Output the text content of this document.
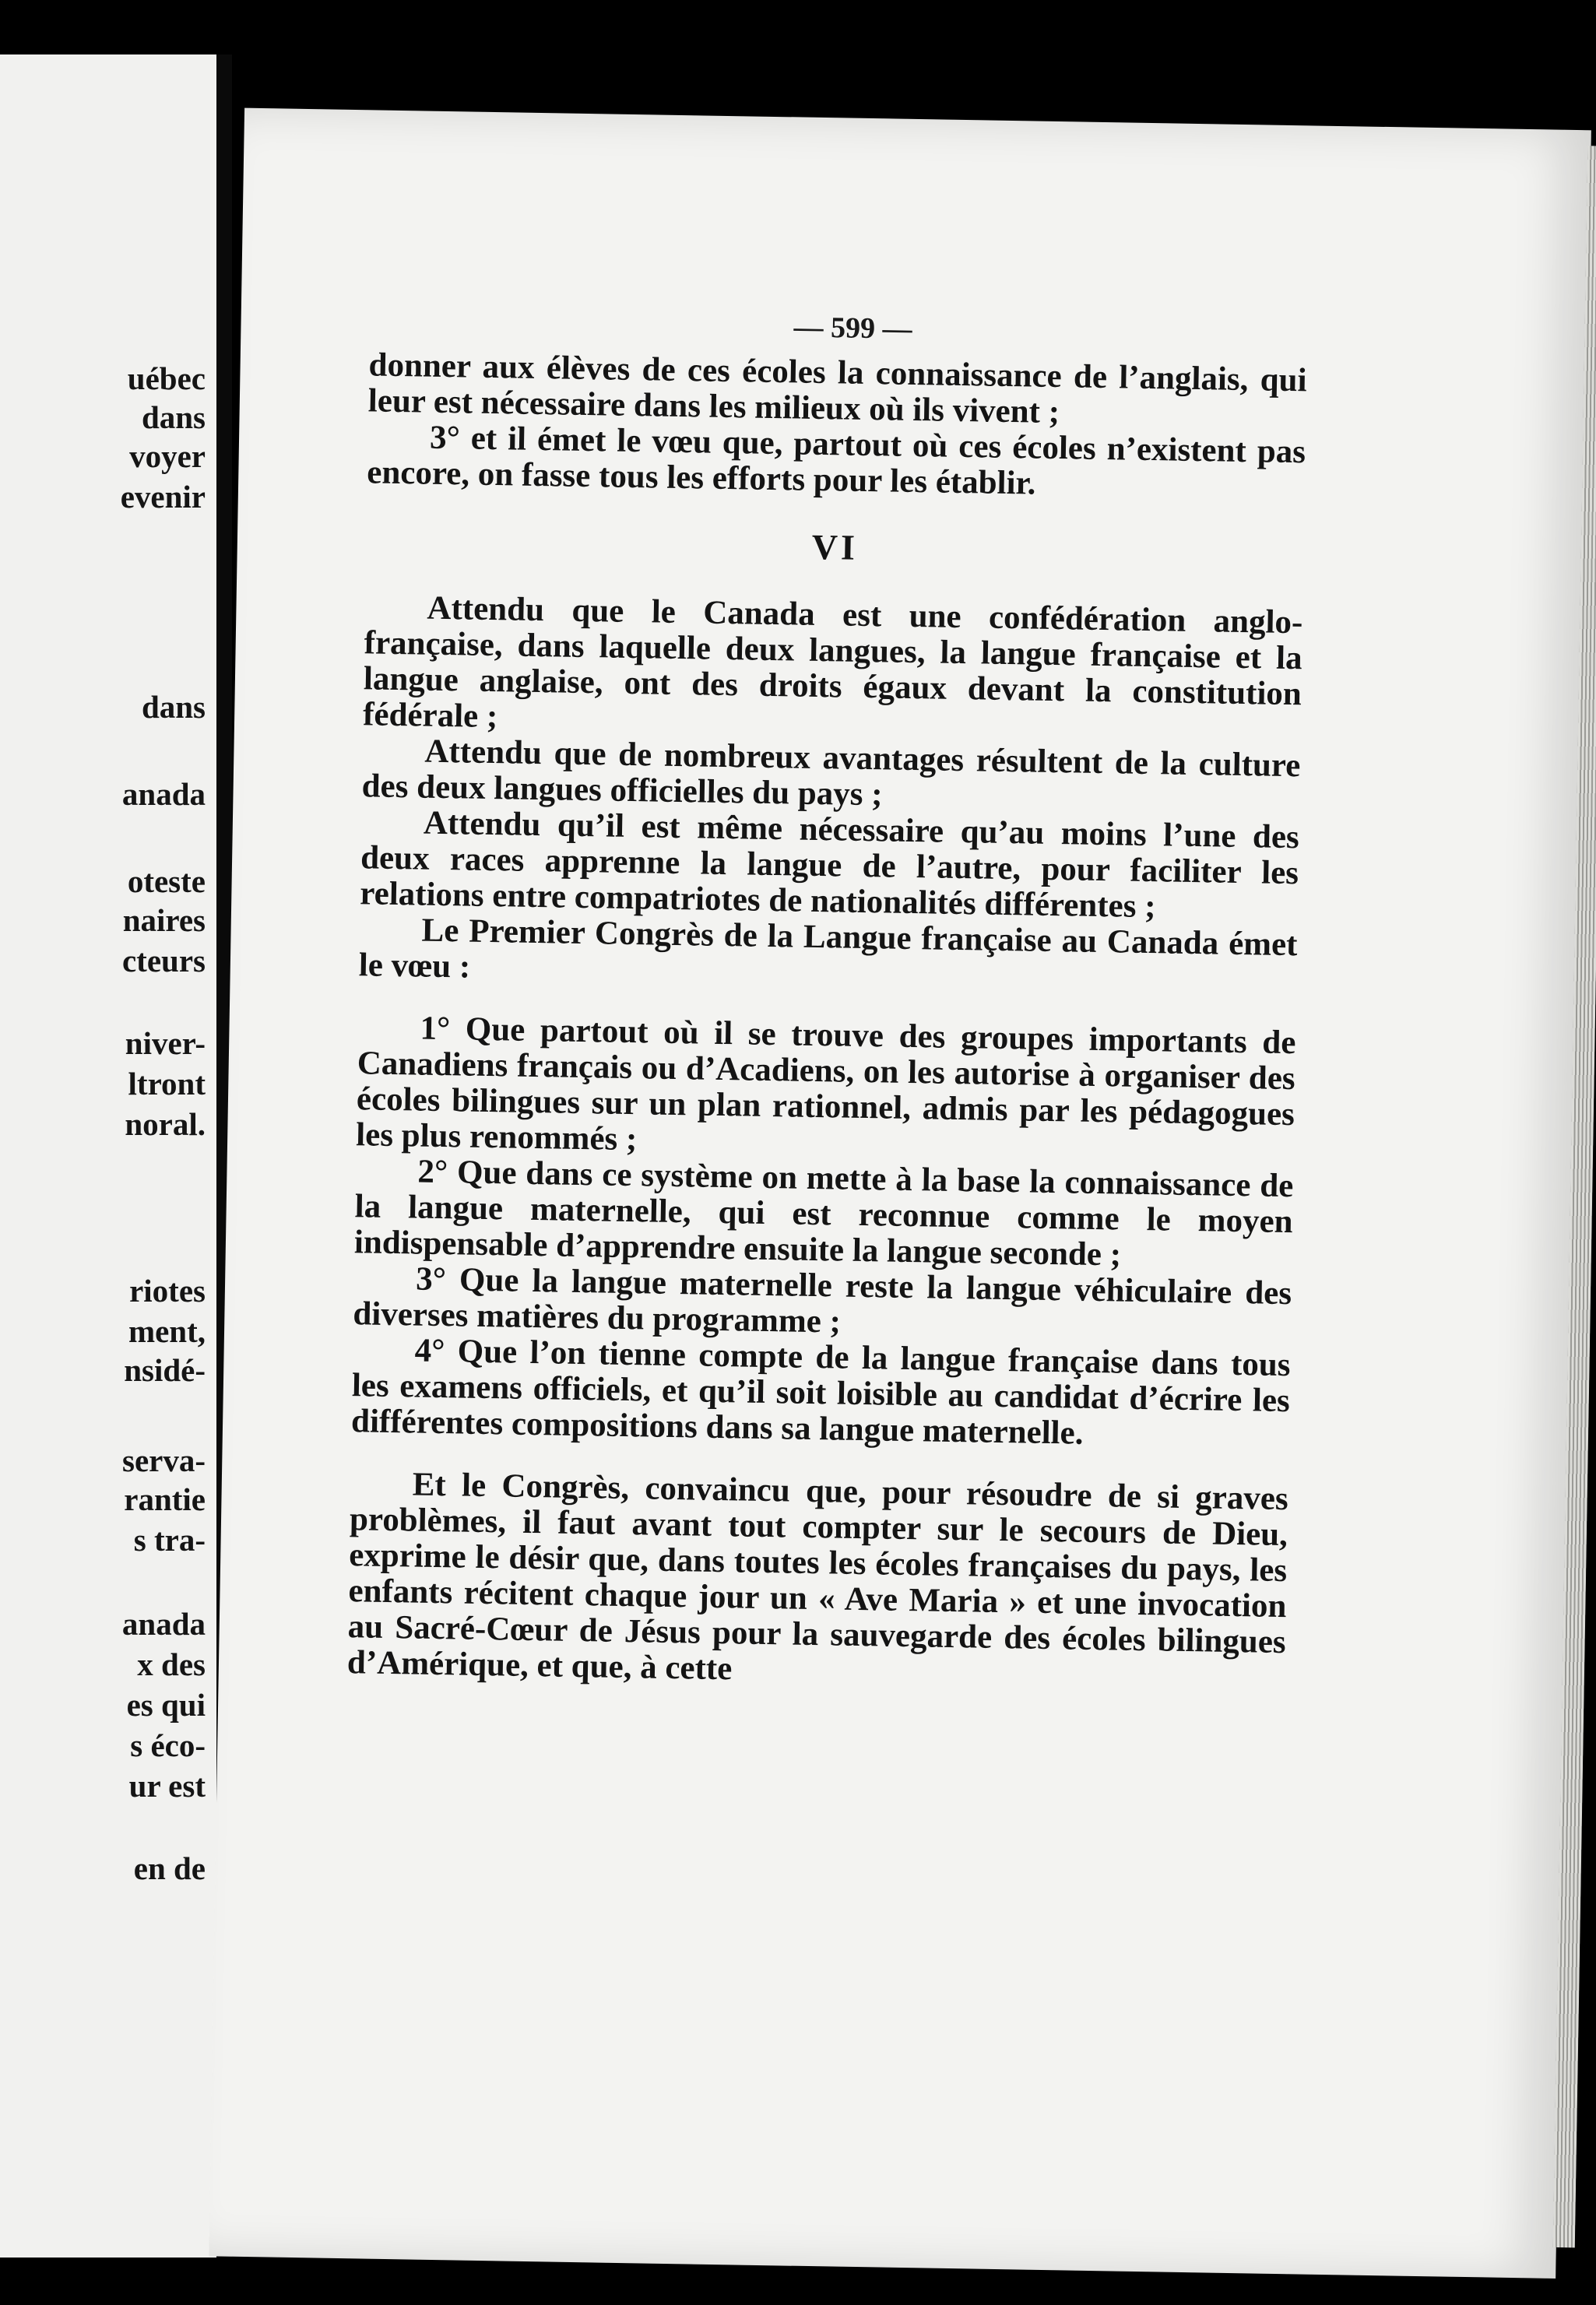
uébec
dans
voyer
evenir
dans
anada
oteste
naires
cteurs
niver-
ltront
noral.
riotes
ment,
nsidé-
serva-
rantie
s tra-
anada
x des
es qui
s éco-
ur est
en de
— 599 —

donner aux élèves de ces écoles la connaissance de l’anglais, qui leur est nécessaire dans les milieux où ils vivent ;

3° et il émet le vœu que, partout où ces écoles n’existent pas encore, on fasse tous les efforts pour les établir.

VI

Attendu que le Canada est une confédération anglo-française, dans laquelle deux langues, la langue française et la langue anglaise, ont des droits égaux devant la constitution fédérale ;

Attendu que de nombreux avantages résultent de la culture des deux langues officielles du pays ;

Attendu qu’il est même nécessaire qu’au moins l’une des deux races apprenne la langue de l’autre, pour faciliter les relations entre compatriotes de nationalités différentes ;

Le Premier Congrès de la Langue française au Canada émet le vœu :

1° Que partout où il se trouve des groupes importants de Canadiens français ou d’Acadiens, on les autorise à organiser des écoles bilingues sur un plan rationnel, admis par les pédagogues les plus renommés ;

2° Que dans ce système on mette à la base la connaissance de la langue maternelle, qui est reconnue comme le moyen indispensable d’apprendre ensuite la langue seconde ;

3° Que la langue maternelle reste la langue véhiculaire des diverses matières du programme ;

4° Que l’on tienne compte de la langue française dans tous les examens officiels, et qu’il soit loisible au candidat d’écrire les différentes compositions dans sa langue maternelle.

Et le Congrès, convaincu que, pour résoudre de si graves problèmes, il faut avant tout compter sur le secours de Dieu, exprime le désir que, dans toutes les écoles françaises du pays, les enfants récitent chaque jour un « Ave Maria » et une invocation au Sacré-Cœur de Jésus pour la sauvegarde des écoles bilingues d’Amérique, et que, à cette
